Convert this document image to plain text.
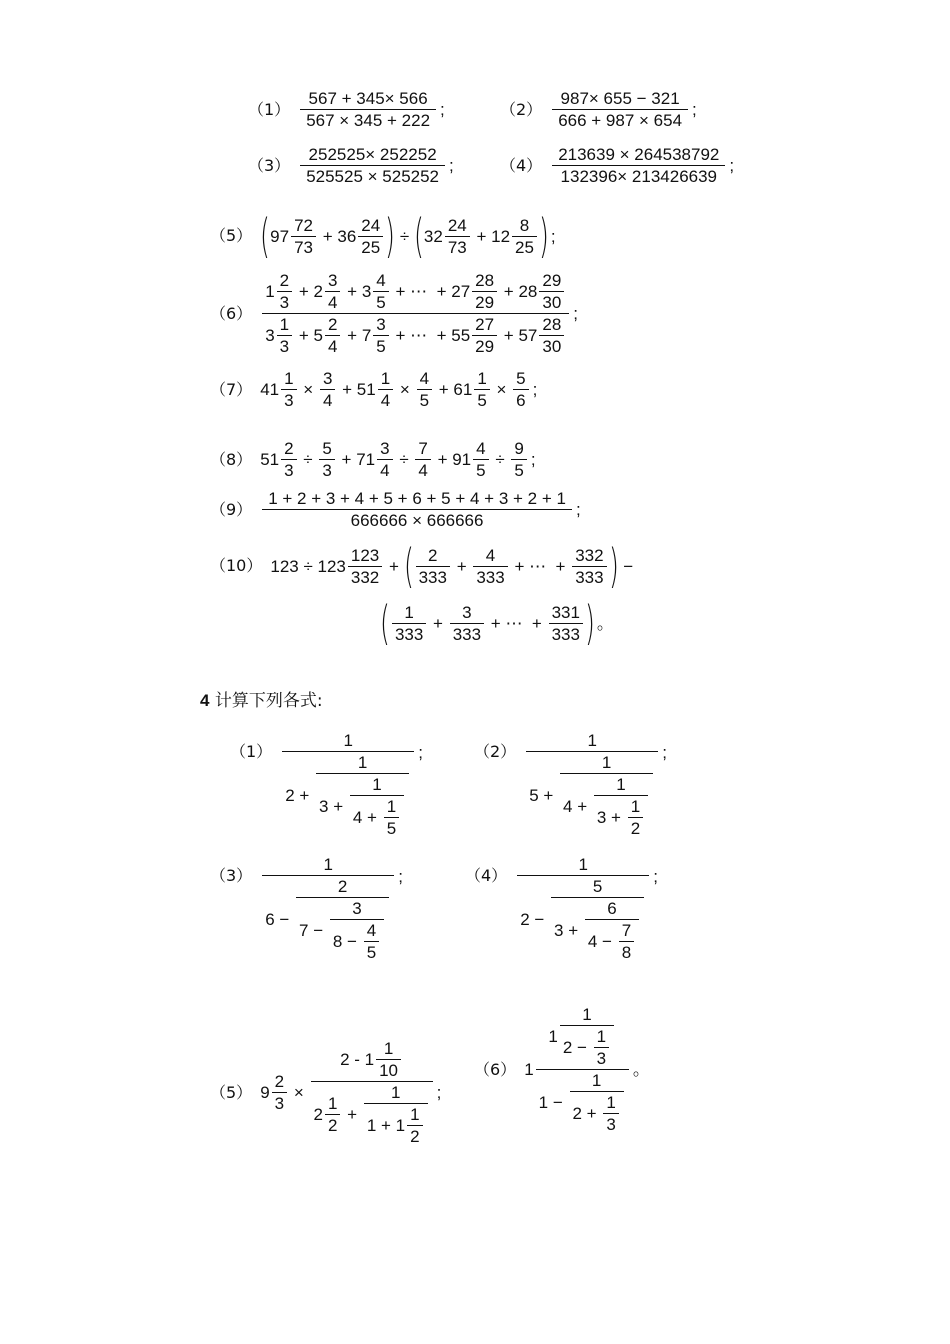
$(1) \frac{567 + 345\times 566}{567 \times 345 + 222}$ ;	$(2) \frac{987\times 655 - 321}{666 + 987 \times 654}$ ;
$(3) \frac{252525\times 252252}{525525 \times 525252}$ ;	$(4) \frac{213639 \times 264538792}{132396\times 213426639}$ ;
（5） ( $97 \frac{72}{73} + 36 \frac{24}{25}$ ) ÷ ( $32 \frac{24}{73} + 12 \frac{8}{25}$ ) ;
（6）
$1 \frac{2}{3} + 2 \frac{3}{4} + 3 \frac{4}{5}$ + ⋯  + $27 \frac{28}{29} + 28 \frac{29}{30}$
$3 \frac{1}{3} + 5 \frac{2}{4} + 7 \frac{3}{5}$ + ⋯  + $55 \frac{27}{29} + 57 \frac{28}{30}$
;
（7） $41 \frac{1}{3} \times \frac{3}{4} + 51 \frac{1}{4} \times \frac{4}{5} + 61 \frac{1}{5} \times \frac{5}{6}$ ;
（8） $51 \frac{2}{3} \div \frac{5}{3} + 71 \frac{3}{4} \div \frac{7}{4} + 91 \frac{4}{5} \div \frac{9}{5}$ ;
$(9) \frac{1 + 2 + 3 + 4 + 5 + 6 + 5 + 4 + 3 + 2 + 1}{666666 \times 666666}$ ;
（10） $123 \div 123 \frac{123}{332}$ + ( $\frac{2}{333} + \frac{4}{333}$ + ⋯  + $\frac{332}{333}$ ) −
( $\frac{1}{333} + \frac{3}{333}$ + ⋯  + $\frac{331}{333}$ ) 。
4 计算下列各式:
$(1) \frac{1}{2 + \frac{1}{3 + \frac{1}{4 + \frac{1}{5}}}}$ ;	$(2) \frac{1}{5 + \frac{1}{4 + \frac{1}{3 + \frac{1}{2}}}}$ ;
$(3) \frac{1}{6 - \frac{2}{7 - \frac{3}{8 - \frac{4}{5}}}}$ ;	$(4) \frac{1}{2 - \frac{5}{3 + \frac{6}{4 - \frac{7}{8}}}}$ ;
（5） $9 \frac{2}{3} \times \frac{2 - 1 \frac{1}{10}}{2 \frac{1}{2} + \frac{1}{1 + 1 \frac{1}{2}}}$ ;
（6） $1 \frac{1 \frac{1}{2 - \frac{1}{3}}}{1 - \frac{1}{2 + \frac{1}{3}}}$ 。
